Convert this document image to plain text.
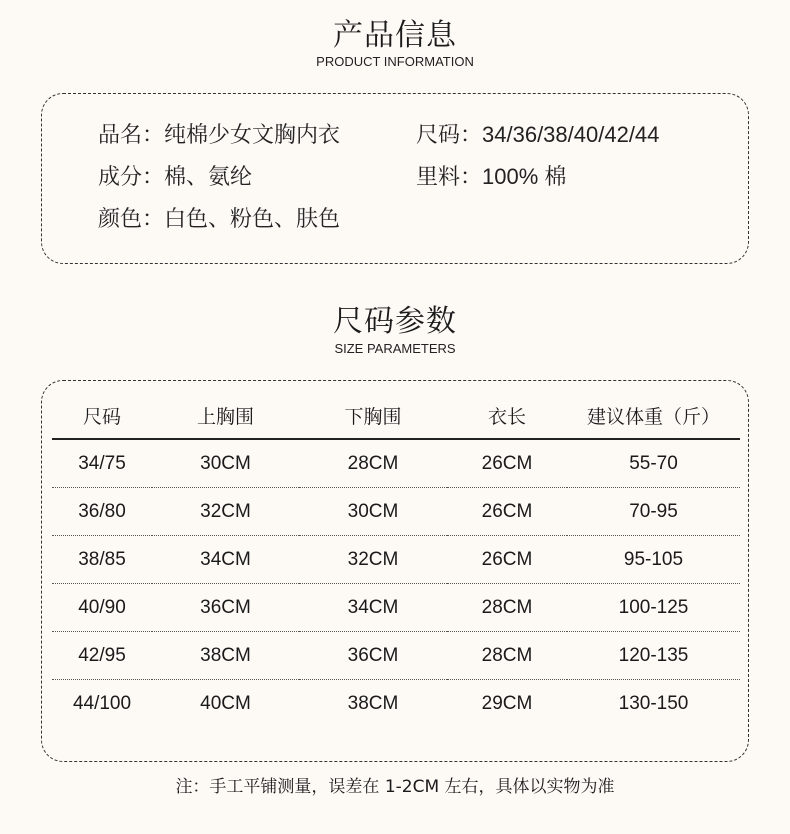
产品信息
PRODUCT INFORMATION
品名：纯棉少女文胸内衣	尺码：34/36/38/40/42/44
成分：棉、氨纶	里料：100% 棉
颜色：白色、粉色、肤色
尺码参数
SIZE PARAMETERS
尺码	上胸围	下胸围	衣长	建议体重（斤）
34/75	30CM	28CM	26CM	55-70
36/80	32CM	30CM	26CM	70-95
38/85	34CM	32CM	26CM	95-105
40/90	36CM	34CM	28CM	100-125
42/95	38CM	36CM	28CM	120-135
44/100	40CM	38CM	29CM	130-150
注：手工平铺测量，误差在 1-2CM 左右，具体以实物为准
